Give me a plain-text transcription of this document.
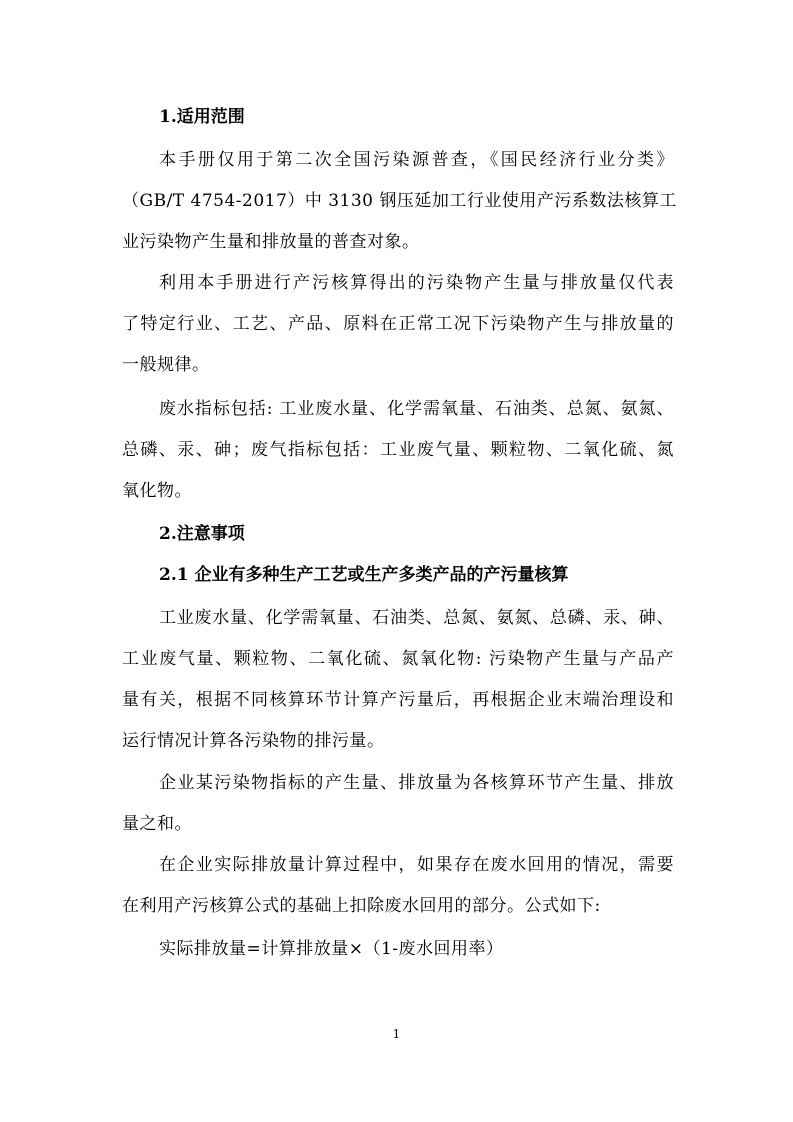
1.适用范围
本手册仅用于第二次全国污染源普查，《国民经济行业分类》
（GB/T 4754-2017）中 3130 钢压延加工行业使用产污系数法核算工
业污染物产生量和排放量的普查对象。
利用本手册进行产污核算得出的污染物产生量与排放量仅代表
了特定行业、工艺、产品、原料在正常工况下污染物产生与排放量的
一般规律。
废水指标包括: 工业废水量、化学需氧量、石油类、总氮、氨氮、
总磷、汞、砷；废气指标包括：工业废气量、颗粒物、二氧化硫、氮
氧化物。
2.注意事项
2.1 企业有多种生产工艺或生产多类产品的产污量核算
工业废水量、化学需氧量、石油类、总氮、氨氮、总磷、汞、砷、
工业废气量、颗粒物、二氧化硫、氮氧化物: 污染物产生量与产品产
量有关，根据不同核算环节计算产污量后，再根据企业末端治理设和
运行情况计算各污染物的排污量。
企业某污染物指标的产生量、排放量为各核算环节产生量、排放
量之和。
在企业实际排放量计算过程中，如果存在废水回用的情况，需要
在利用产污核算公式的基础上扣除废水回用的部分。公式如下:
实际排放量=计算排放量×（1-废水回用率）
1
